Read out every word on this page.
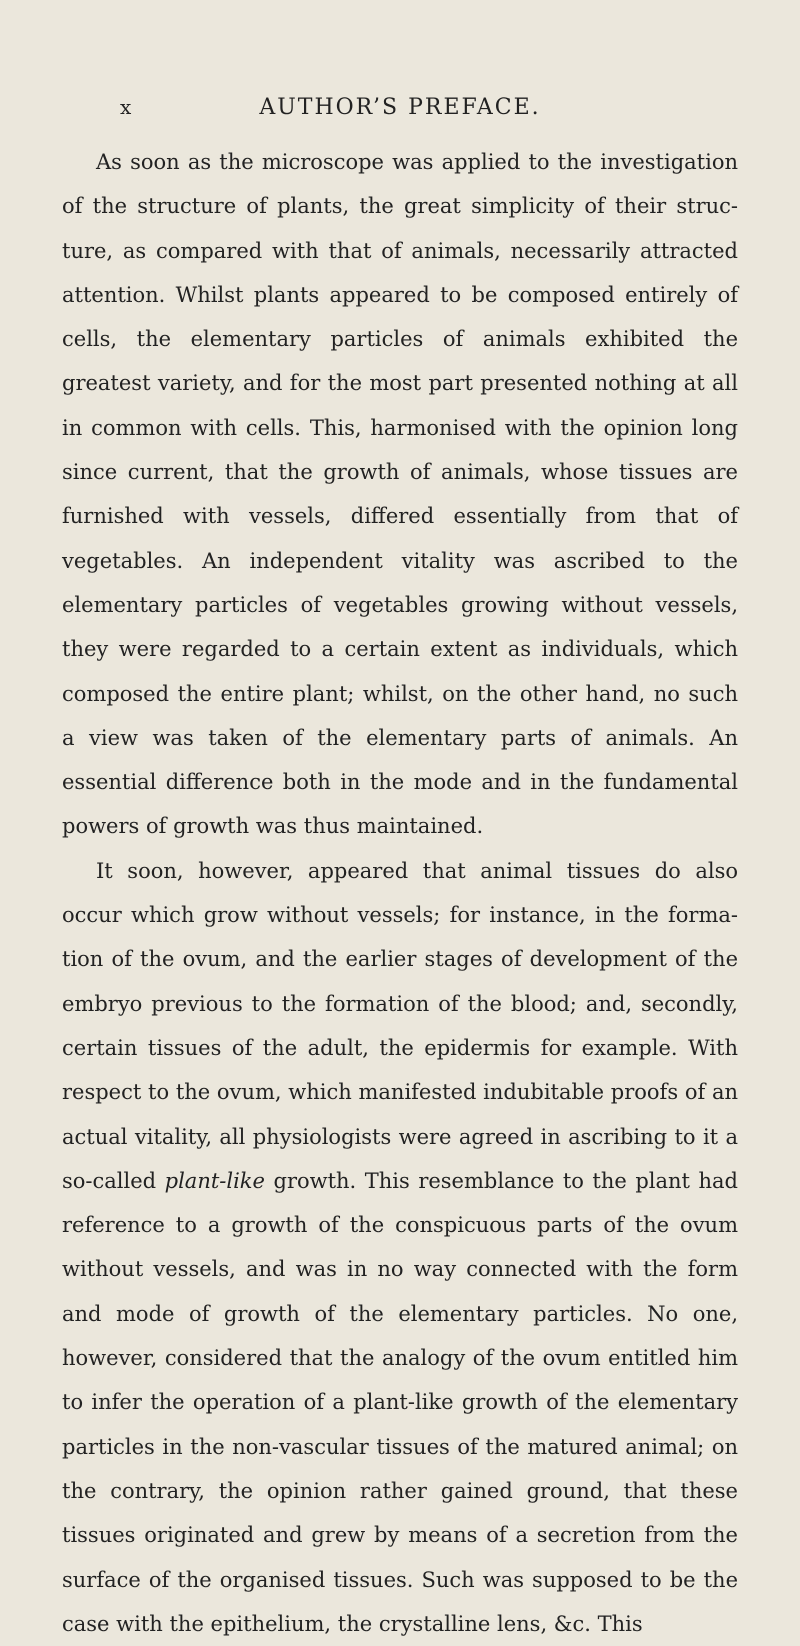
x	AUTHOR’S PREFACE.

As soon as the microscope was applied to the investigation of the structure of plants, the great simplicity of their structure, as compared with that of animals, necessarily attracted attention. Whilst plants appeared to be composed entirely of cells, the elementary particles of animals exhibited the greatest variety, and for the most part presented nothing at all in common with cells. This, harmonised with the opinion long since current, that the growth of animals, whose tissues are furnished with vessels, differed essentially from that of vegetables. An independent vitality was ascribed to the elementary particles of vegetables growing without vessels, they were regarded to a certain extent as individuals, which composed the entire plant; whilst, on the other hand, no such a view was taken of the elementary parts of animals. An essential difference both in the mode and in the fundamental powers of growth was thus maintained.

It soon, however, appeared that animal tissues do also occur which grow without vessels; for instance, in the formation of the ovum, and the earlier stages of development of the embryo previous to the formation of the blood; and, secondly, certain tissues of the adult, the epidermis for example. With respect to the ovum, which manifested indubitable proofs of an actual vitality, all physiologists were agreed in ascribing to it a so-called plant-like growth. This resemblance to the plant had reference to a growth of the conspicuous parts of the ovum without vessels, and was in no way connected with the form and mode of growth of the elementary particles. No one, however, considered that the analogy of the ovum entitled him to infer the operation of a plant-like growth of the elementary particles in the non-vascular tissues of the matured animal; on the contrary, the opinion rather gained ground, that these tissues originated and grew by means of a secretion from the surface of the organised tissues. Such was supposed to be the case with the epithelium, the crystalline lens, &c. This
